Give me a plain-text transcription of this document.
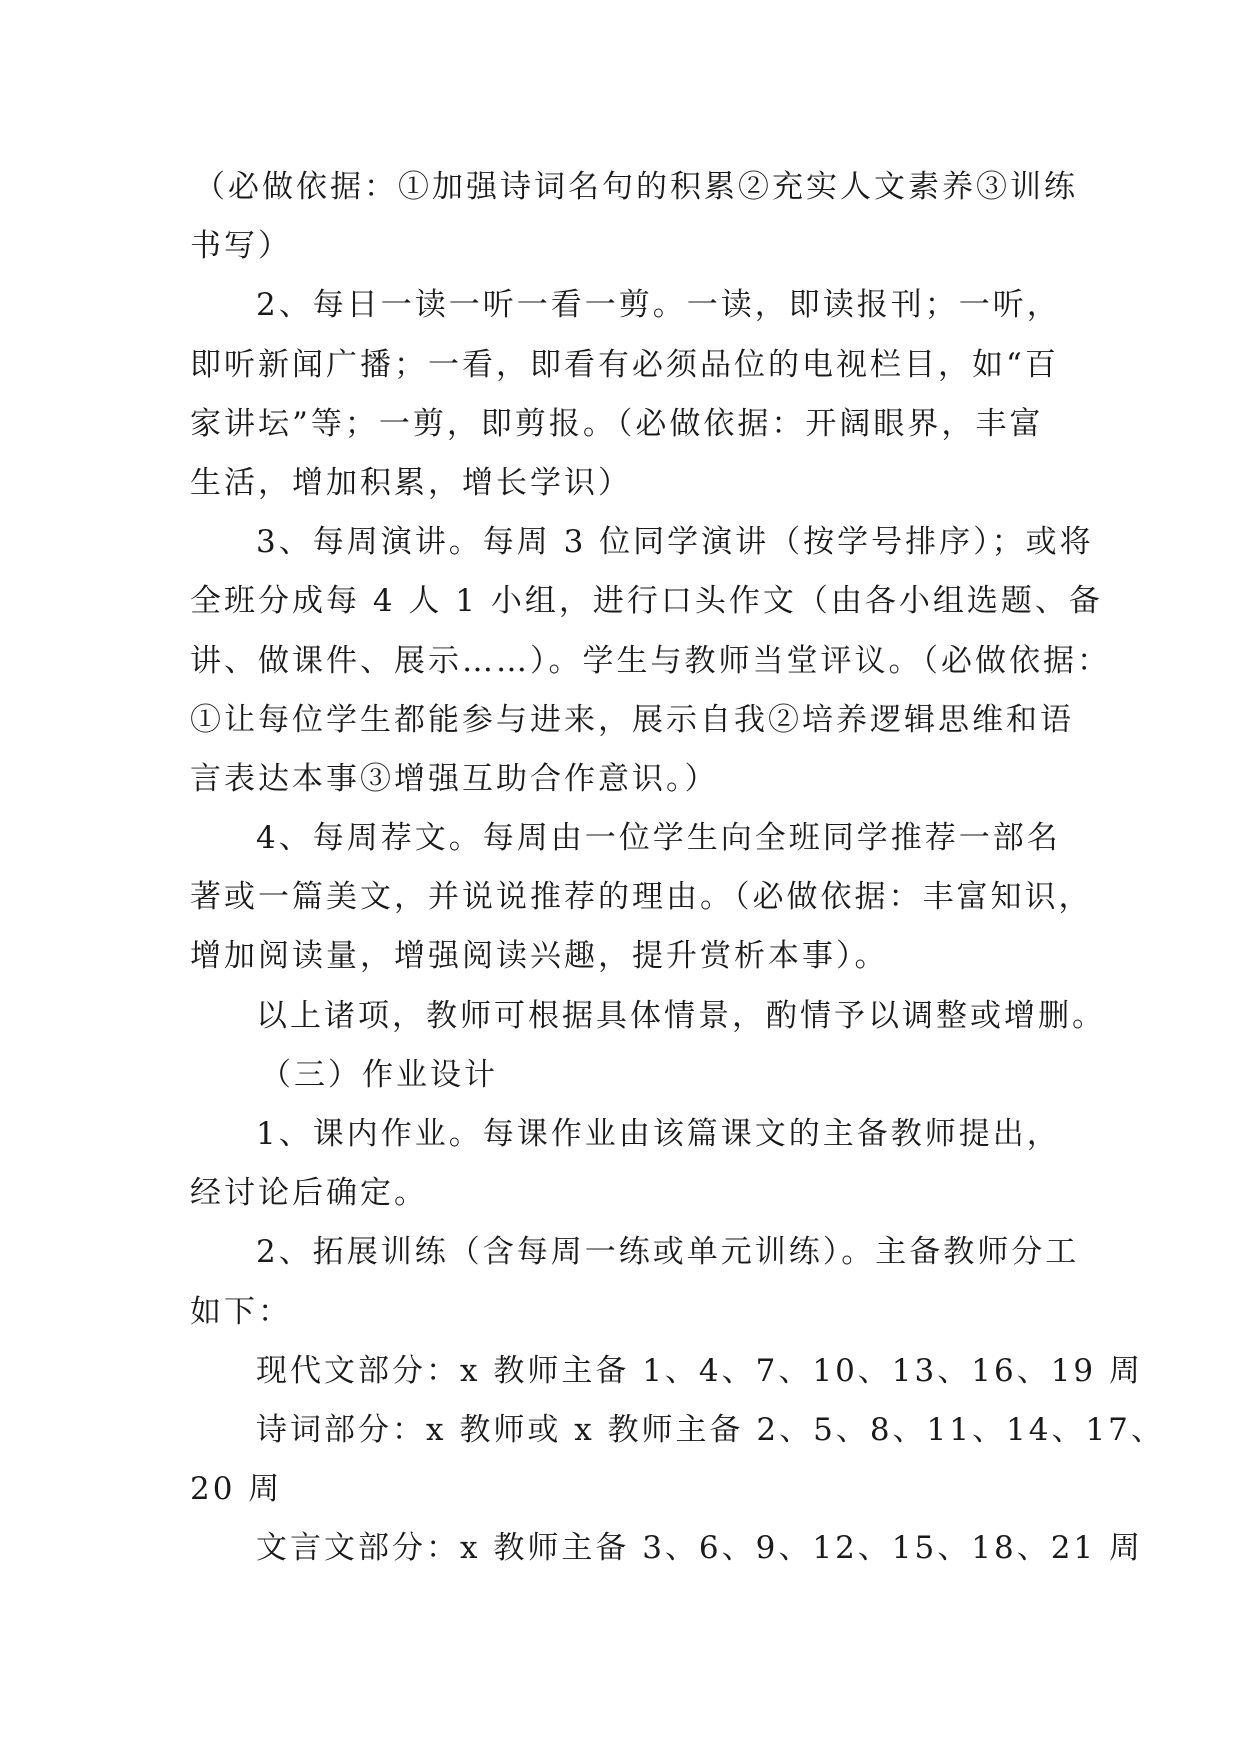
（必做依据：①加强诗词名句的积累②充实人文素养③训练
书写）
2、每日一读一听一看一剪。一读，即读报刊；一听，
即听新闻广播；一看，即看有必须品位的电视栏目，如“百
家讲坛”等；一剪，即剪报。（必做依据：开阔眼界，丰富
生活，增加积累，增长学识）
3、每周演讲。每周 3 位同学演讲（按学号排序）；或将
全班分成每 4 人 1 小组，进行口头作文（由各小组选题、备
讲、做课件、展示……）。学生与教师当堂评议。（必做依据：
①让每位学生都能参与进来，展示自我②培养逻辑思维和语
言表达本事③增强互助合作意识。）
4、每周荐文。每周由一位学生向全班同学推荐一部名
著或一篇美文，并说说推荐的理由。（必做依据：丰富知识，
增加阅读量，增强阅读兴趣，提升赏析本事）。
以上诸项，教师可根据具体情景，酌情予以调整或增删。
（三）作业设计
1、课内作业。每课作业由该篇课文的主备教师提出，
经讨论后确定。
2、拓展训练（含每周一练或单元训练）。主备教师分工
如下：
现代文部分：x 教师主备 1、4、7、10、13、16、19 周
诗词部分：x 教师或 x 教师主备 2、5、8、11、14、17、
20 周
文言文部分：x 教师主备 3、6、9、12、15、18、21 周
